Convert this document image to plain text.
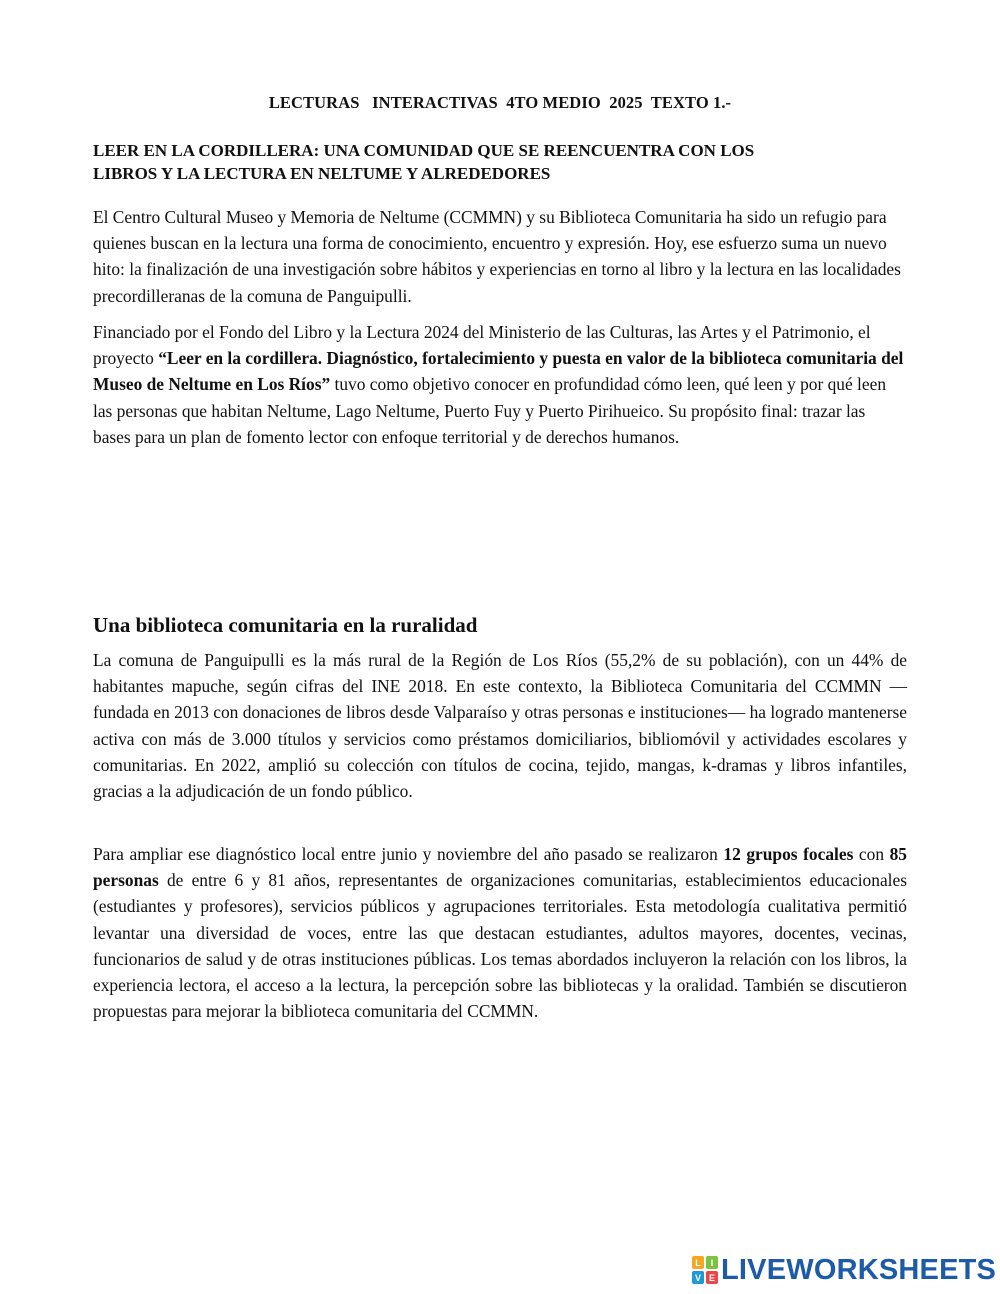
LECTURAS   INTERACTIVAS  4TO MEDIO  2025  TEXTO 1.-
LEER EN LA CORDILLERA: UNA COMUNIDAD QUE SE REENCUENTRA CON LOS
LIBROS Y LA LECTURA EN NELTUME Y ALREDEDORES

El Centro Cultural Museo y Memoria de Neltume (CCMMN) y su Biblioteca Comunitaria ha sido un refugio para quienes buscan en la lectura una forma de conocimiento, encuentro y expresión. Hoy, ese esfuerzo suma un nuevo hito: la finalización de una investigación sobre hábitos y experiencias en torno al libro y la lectura en las localidades precordilleranas de la comuna de Panguipulli.

Financiado por el Fondo del Libro y la Lectura 2024 del Ministerio de las Culturas, las Artes y el Patrimonio, el proyecto “Leer en la cordillera. Diagnóstico, fortalecimiento y puesta en valor de la biblioteca comunitaria del Museo de Neltume en Los Ríos” tuvo como objetivo conocer en profundidad cómo leen, qué leen y por qué leen las personas que habitan Neltume, Lago Neltume, Puerto Fuy y Puerto Pirihueico. Su propósito final: trazar las bases para un plan de fomento lector con enfoque territorial y de derechos humanos.

Una biblioteca comunitaria en la ruralidad

La comuna de Panguipulli es la más rural de la Región de Los Ríos (55,2% de su población), con un 44% de habitantes mapuche, según cifras del INE 2018. En este contexto, la Biblioteca Comunitaria del CCMMN —fundada en 2013 con donaciones de libros desde Valparaíso y otras personas e instituciones— ha logrado mantenerse activa con más de 3.000 títulos y servicios como préstamos domiciliarios, bibliomóvil y actividades escolares y comunitarias. En 2022, amplió su colección con títulos de cocina, tejido, mangas, k-dramas y libros infantiles, gracias a la adjudicación de un fondo público.

Para ampliar ese diagnóstico local entre junio y noviembre del año pasado se realizaron 12 grupos focales con 85 personas de entre 6 y 81 años, representantes de organizaciones comunitarias, establecimientos educacionales (estudiantes y profesores), servicios públicos y agrupaciones territoriales. Esta metodología cualitativa permitió levantar una diversidad de voces, entre las que destacan estudiantes, adultos mayores, docentes, vecinas, funcionarios de salud y de otras instituciones públicas. Los temas abordados incluyeron la relación con los libros, la experiencia lectora, el acceso a la lectura, la percepción sobre las bibliotecas y la oralidad. También se discutieron propuestas para mejorar la biblioteca comunitaria del CCMMN.

L	I
V E LIVEWORKSHEETS
